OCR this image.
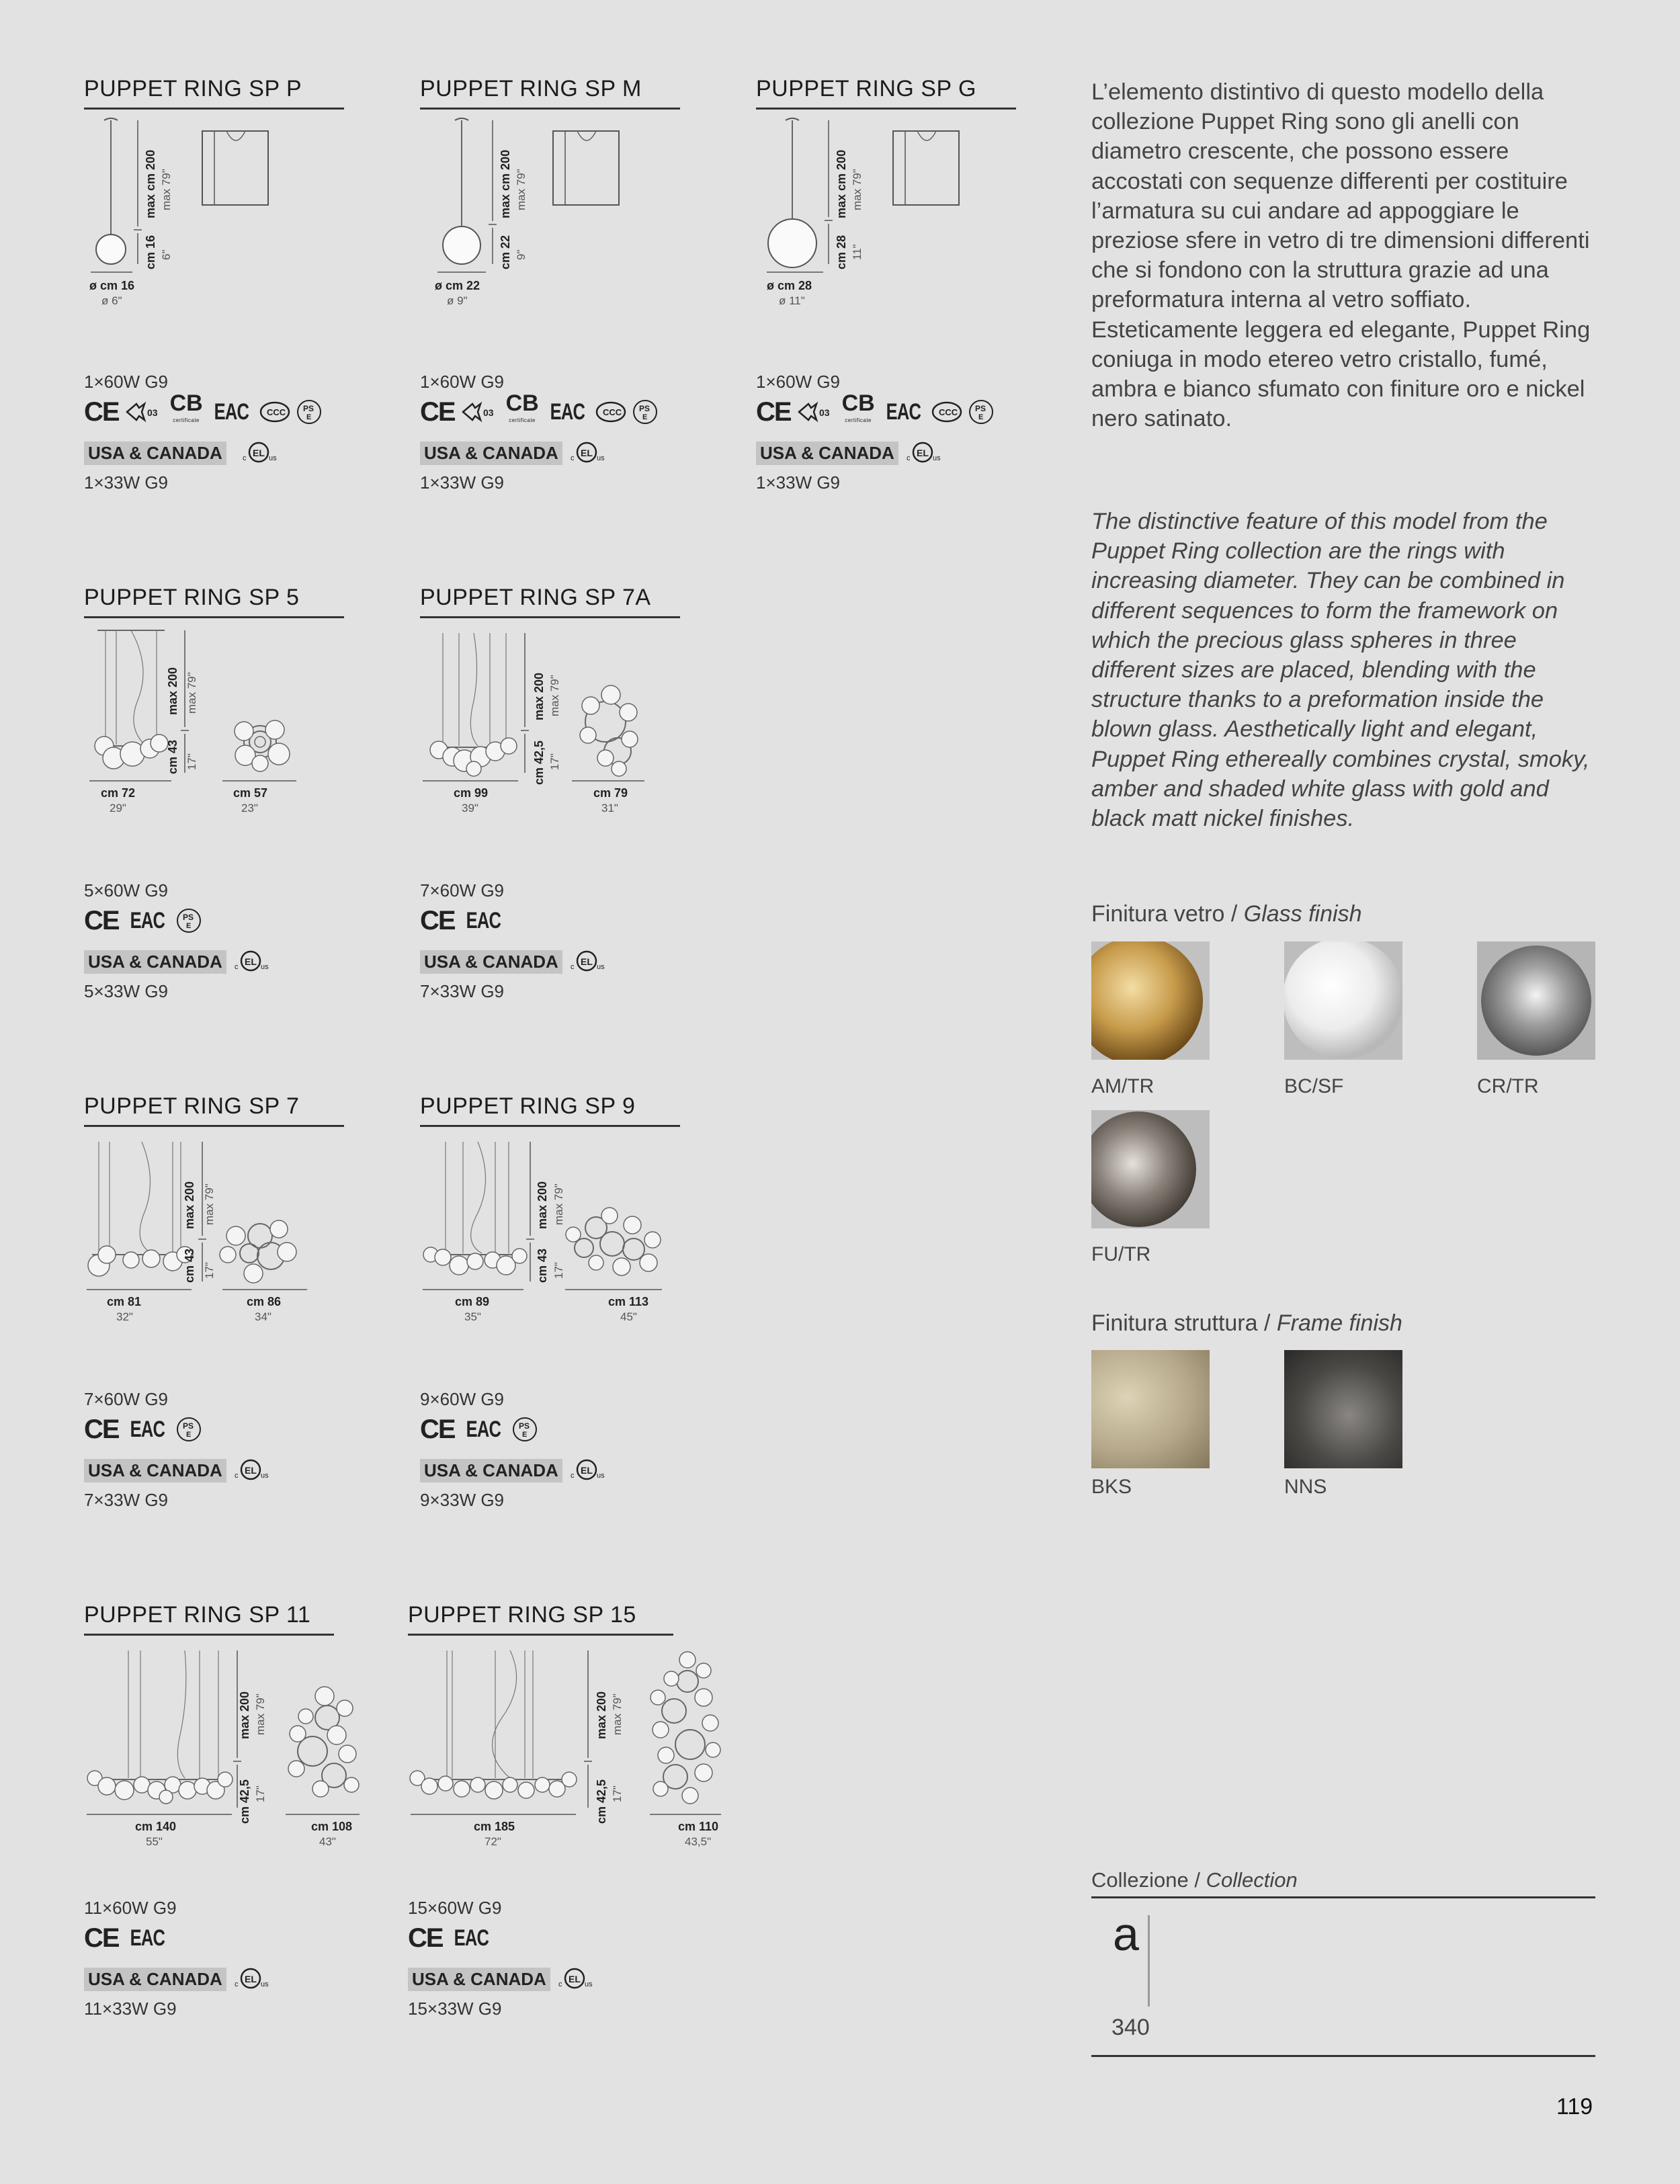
PUPPET RING SP P
max cm 200 max 79"
cm 16 6"
ø cm 16
ø 6"
1×60W G9
CE	03 CB
certificate EAC CCC PS
E
USA & CANADA	EL
c	us
1×33W G9
PUPPET RING SP M
max cm 200 max 79"
cm 22 9"
ø cm 22
ø 9"
1×60W G9
CE	03 CB
certificate EAC CCC PS
E
USA & CANADA	EL
c	us
1×33W G9
PUPPET RING SP G
max cm 200 max 79"
cm 28 11"
ø cm 28
ø 11"
1×60W G9
CE	03 CB
certificate EAC CCC PS
E
USA & CANADA	EL
c	us
1×33W G9
PUPPET RING SP 5
max 200 max 79"
cm 43 17"
cm 72
29"
cm 57
23"
5×60W G9
CE EAC PS
E
USA & CANADA	EL
c	us
5×33W G9
PUPPET RING SP 7A
max 200 max 79"
cm 42,5 17"
cm 99
39"
cm 79
31"
7×60W G9
CE EAC
USA & CANADA	EL
c	us
7×33W G9
PUPPET RING SP 7
max 200 max 79"
cm 43 17"
cm 81
32"
cm 86
34"
7×60W G9
CE EAC PS
E
USA & CANADA	EL
c	us
7×33W G9
PUPPET RING SP 9
max 200 max 79"
cm 43 17"
cm 89
35"
cm 113
45"
9×60W G9
CE EAC PS
E
USA & CANADA	EL
c	us
9×33W G9
PUPPET RING SP 11
max 200 max 79"
cm 42,5 17"
cm 140
55"
cm 108
43"
11×60W G9
CE EAC
USA & CANADA	EL
c	us
11×33W G9
PUPPET RING SP 15
max 200 max 79"
cm 42,5 17"
cm 185
72"
cm 110
43,5"
15×60W G9
CE EAC
USA & CANADA	EL
c	us
15×33W G9
L’elemento distintivo di questo modello della collezione Puppet Ring sono gli anelli con diametro crescente, che possono essere accostati con sequenze differenti per costituire l’armatura su cui andare ad appoggiare le preziose sfere in vetro di tre dimensioni differenti che si fondono con la struttura grazie ad una preformatura interna al vetro soffiato. Esteticamente leggera ed elegante, Puppet Ring coniuga in modo etereo vetro cristallo, fumé, ambra e bianco sfumato con finiture oro e nickel nero satinato.
The distinctive feature of this model from the Puppet Ring collection are the rings with increasing diameter. They can be combined in different sequences to form the framework on which the precious glass spheres in three different sizes are placed, blending with the structure thanks to a preformation inside the blown glass. Aesthetically light and elegant, Puppet Ring ethereally combines crystal, smoky, amber and shaded white glass with gold and black matt nickel finishes.
Finitura vetro / Glass finish
AM/TR	BC/SF	CR/TR
FU/TR
Finitura struttura / Frame finish
BKS	NNS
Collezione / Collection
a
340
119
